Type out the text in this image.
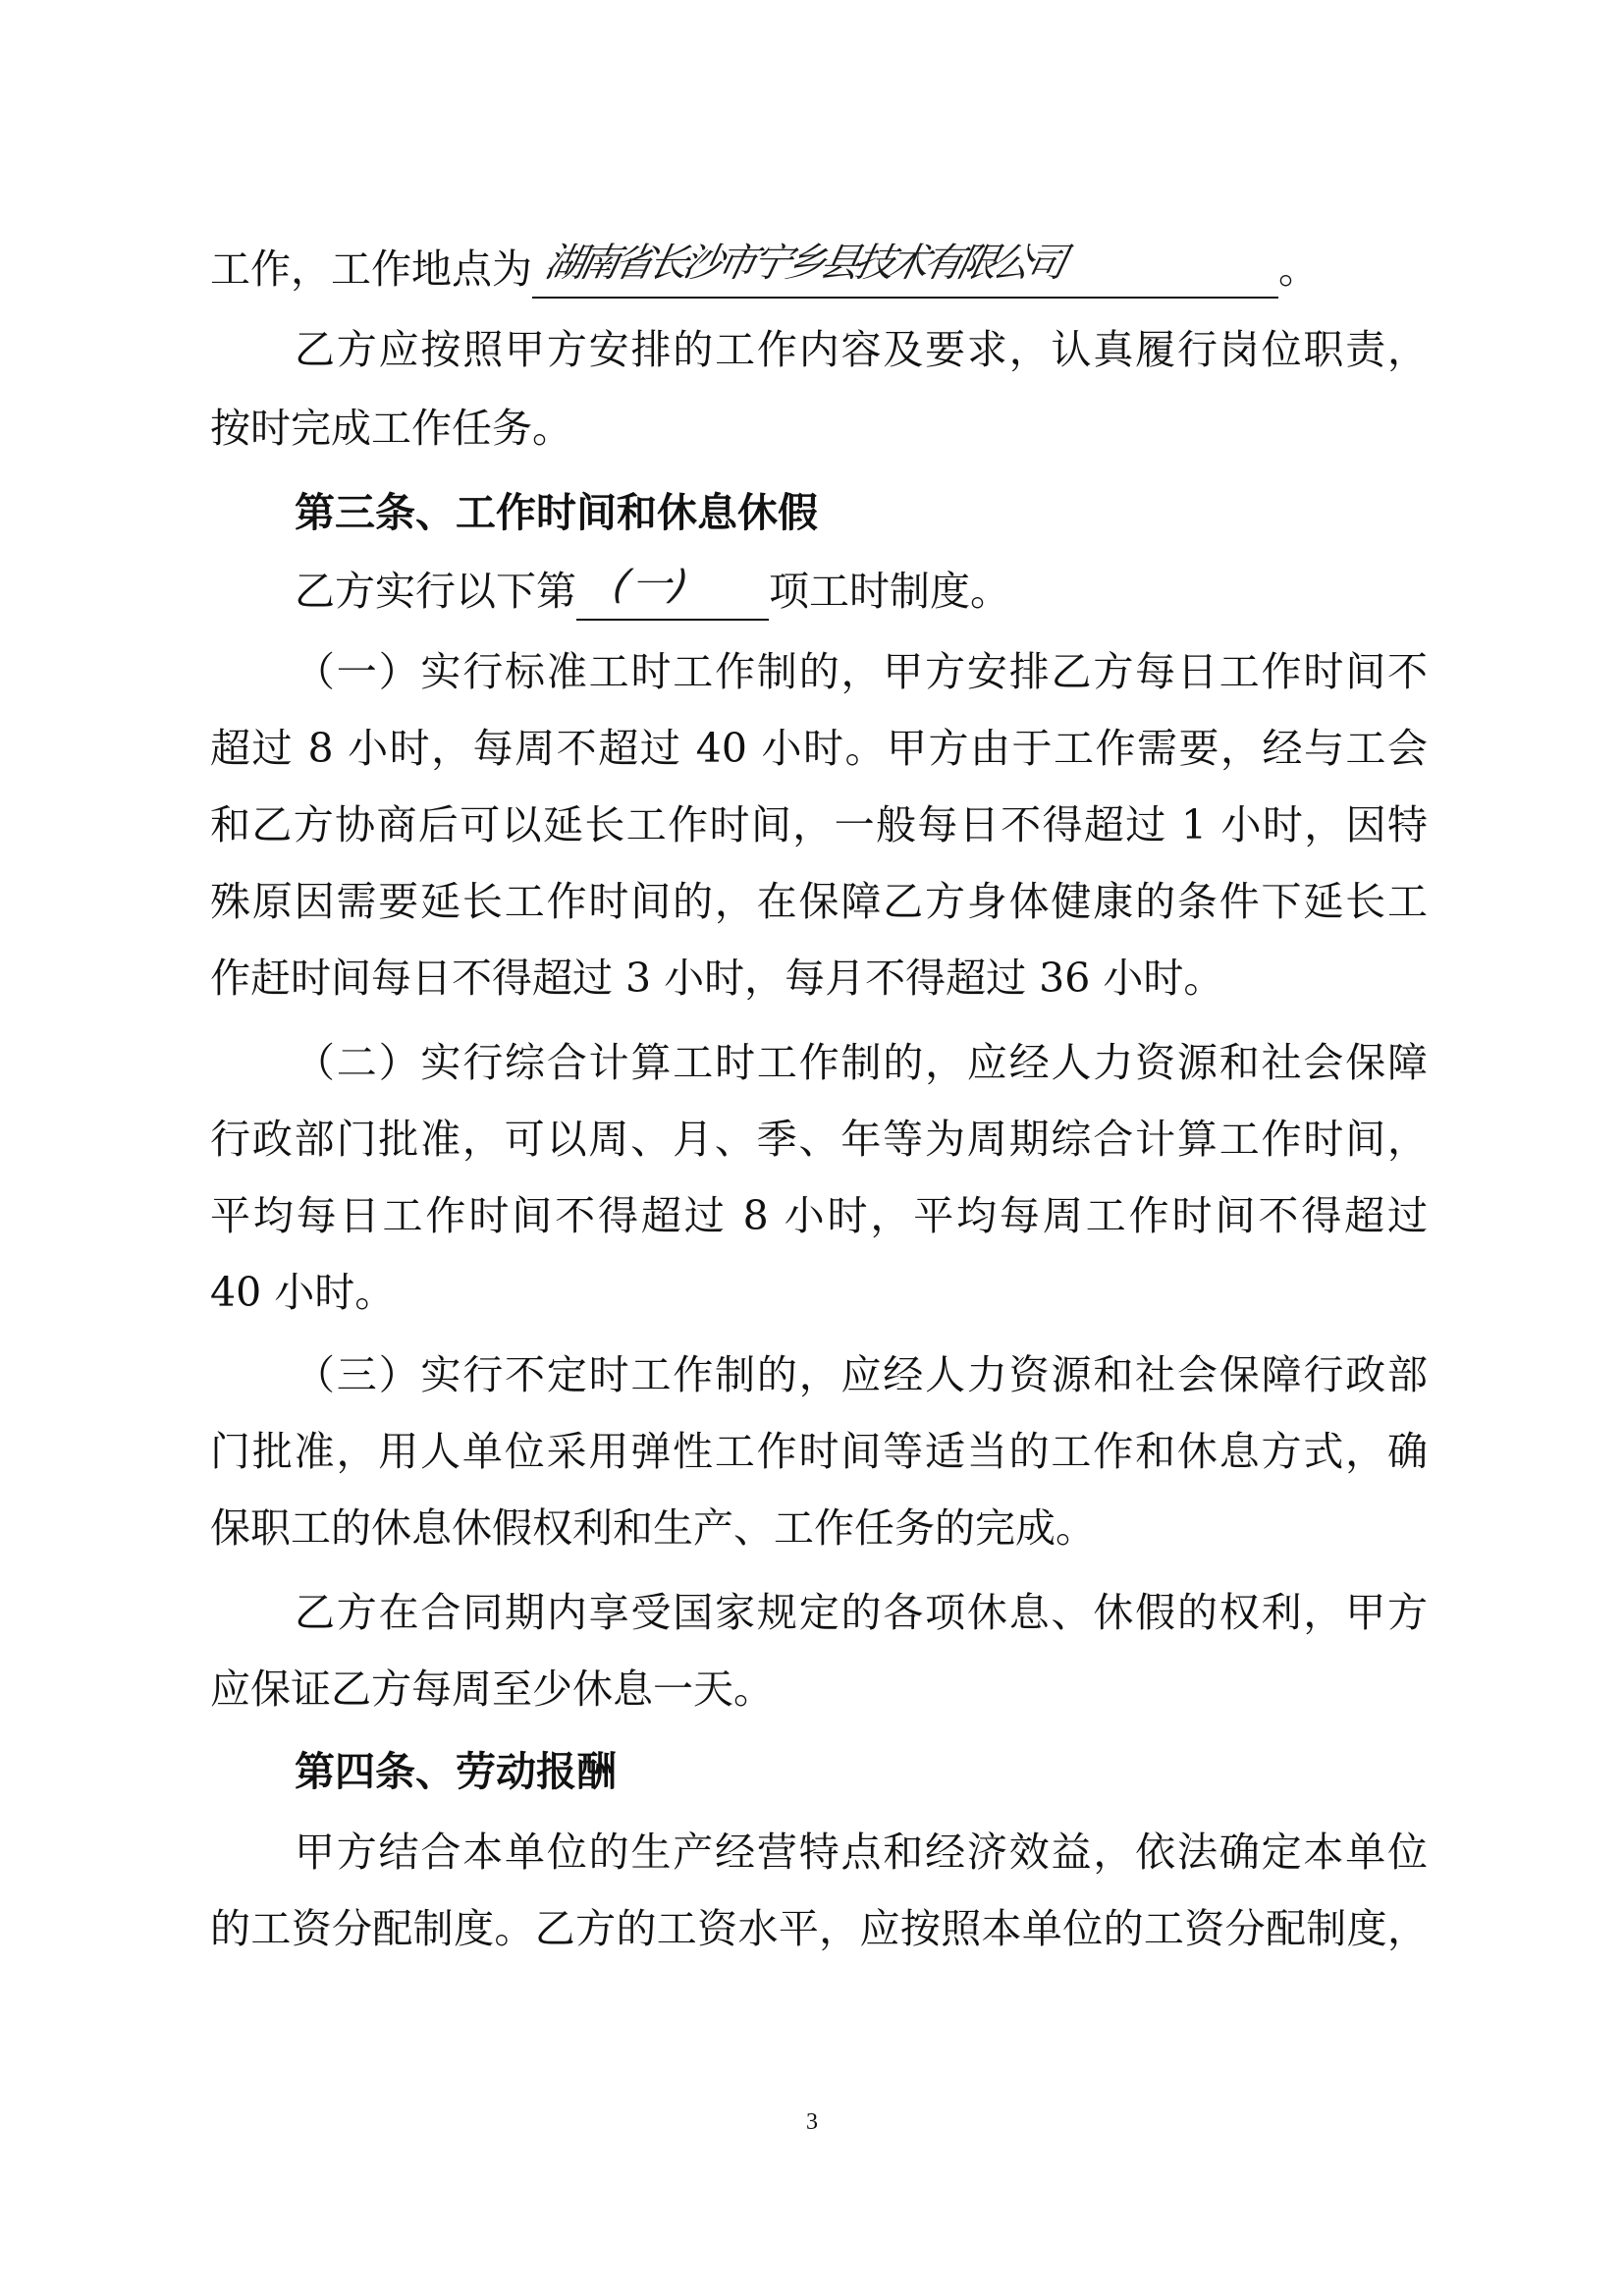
工作，工作地点为 湖南省长沙市宁乡县技术有限公司	。
乙方应按照甲方安排的工作内容及要求，认真履行岗位职责，
按时完成工作任务。
第三条、工作时间和休息休假
乙方实行以下第 (一) 项工时制度。
（一）实行标准工时工作制的，甲方安排乙方每日工作时间不
超过 8 小时，每周不超过 40 小时。甲方由于工作需要，经与工会
和乙方协商后可以延长工作时间，一般每日不得超过 1 小时，因特
殊原因需要延长工作时间的，在保障乙方身体健康的条件下延长工
作赶时间每日不得超过 3 小时，每月不得超过 36 小时。
（二）实行综合计算工时工作制的，应经人力资源和社会保障
行政部门批准，可以周、月、季、年等为周期综合计算工作时间，
平均每日工作时间不得超过 8 小时，平均每周工作时间不得超过
40 小时。
（三）实行不定时工作制的，应经人力资源和社会保障行政部
门批准，用人单位采用弹性工作时间等适当的工作和休息方式，确
保职工的休息休假权利和生产、工作任务的完成。
乙方在合同期内享受国家规定的各项休息、休假的权利，甲方
应保证乙方每周至少休息一天。
第四条、劳动报酬
甲方结合本单位的生产经营特点和经济效益，依法确定本单位
的工资分配制度。乙方的工资水平，应按照本单位的工资分配制度，
3
